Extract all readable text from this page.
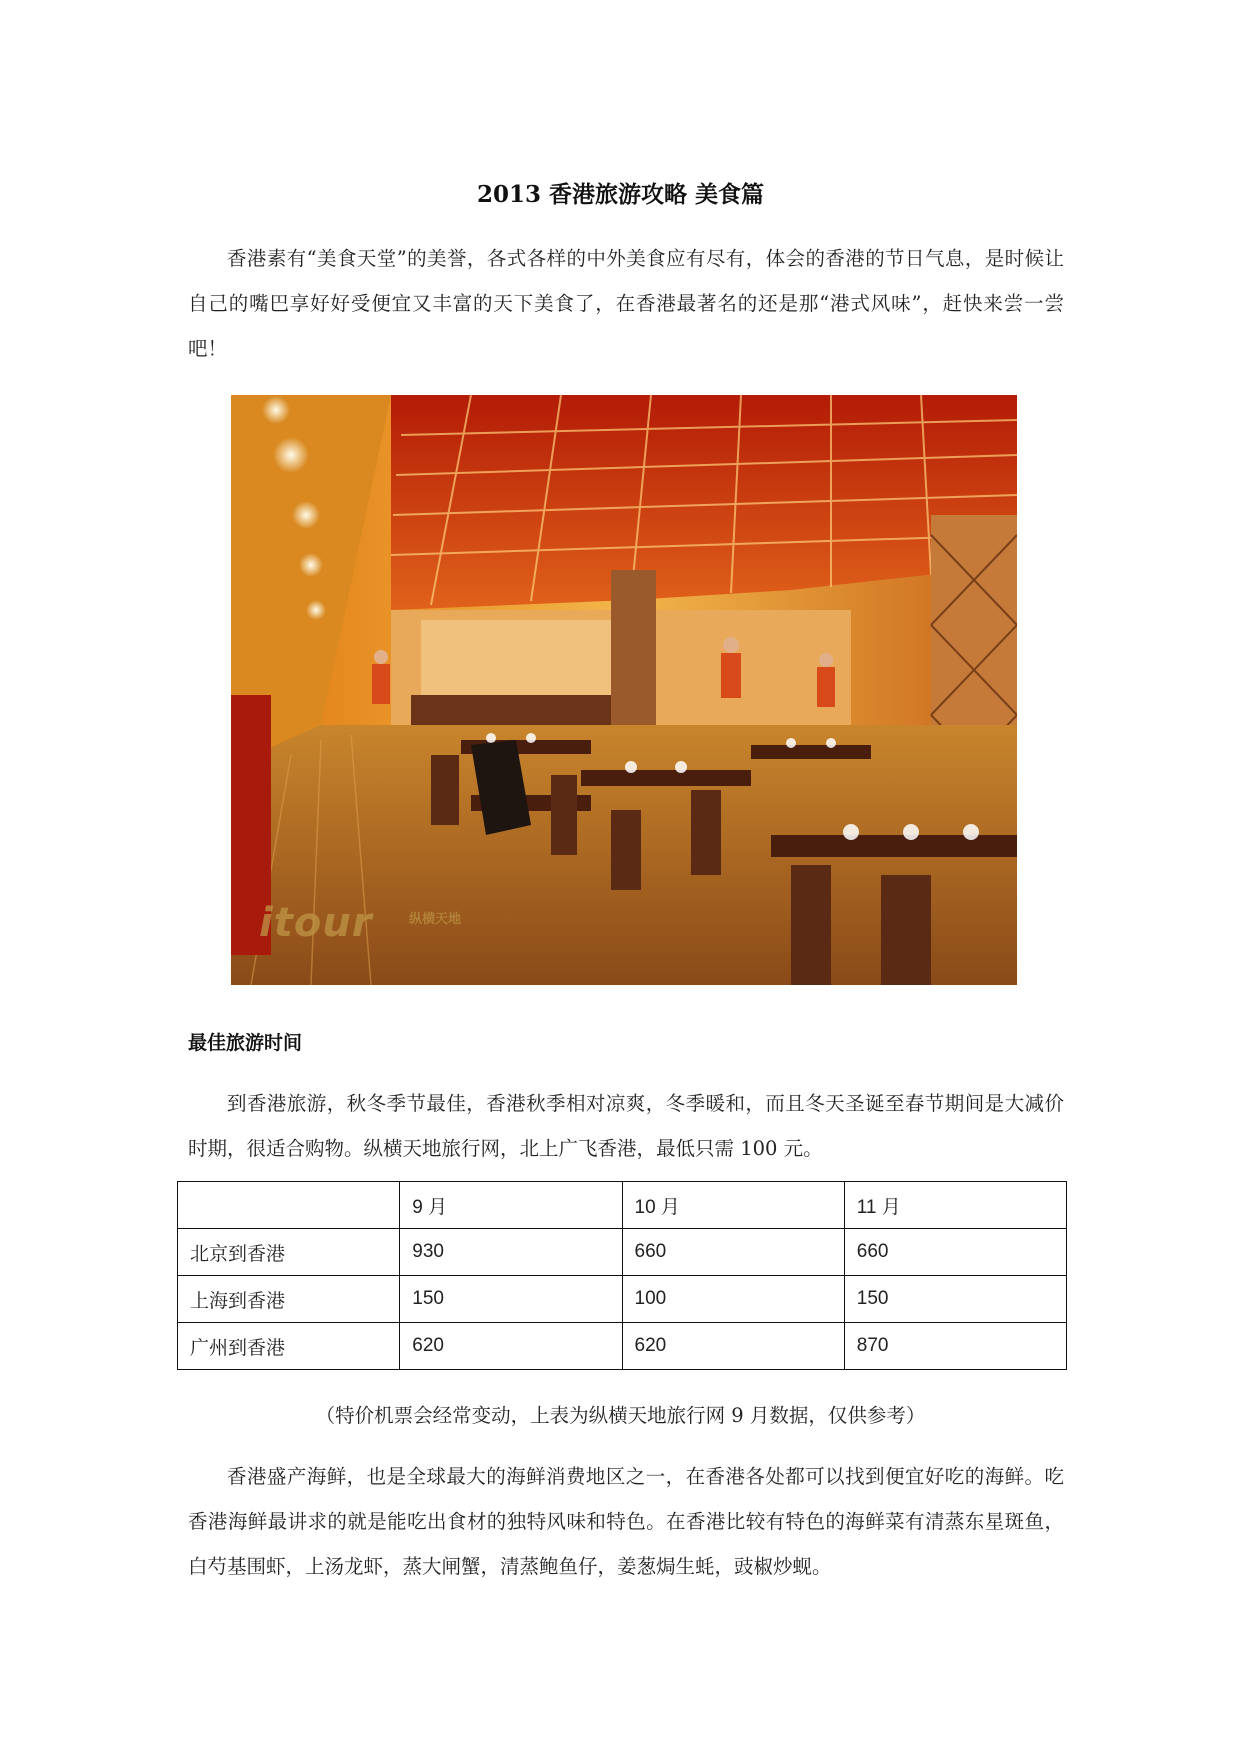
2013 香港旅游攻略 美食篇

香港素有“美食天堂”的美誉，各式各样的中外美食应有尽有，体会的香港的节日气息，是时候让自己的嘴巴享好好受便宜又丰富的天下美食了，在香港最著名的还是那“港式风味”，赶快来尝一尝吧！

itour	纵横天地
最佳旅游时间

到香港旅游，秋冬季节最佳，香港秋季相对凉爽，冬季暖和，而且冬天圣诞至春节期间是大减价时期，很适合购物。纵横天地旅行网，北上广飞香港，最低只需 100 元。

	9 月	10 月	11 月
北京到香港	930	660	660
上海到香港	150	100	150
广州到香港	620	620	870
（特价机票会经常变动，上表为纵横天地旅行网 9 月数据，仅供参考）

香港盛产海鲜，也是全球最大的海鲜消费地区之一，在香港各处都可以找到便宜好吃的海鲜。吃香港海鲜最讲求的就是能吃出食材的独特风味和特色。在香港比较有特色的海鲜菜有清蒸东星斑鱼，白芍基围虾，上汤龙虾，蒸大闸蟹，清蒸鲍鱼仔，姜葱焗生蚝，豉椒炒蚬。
